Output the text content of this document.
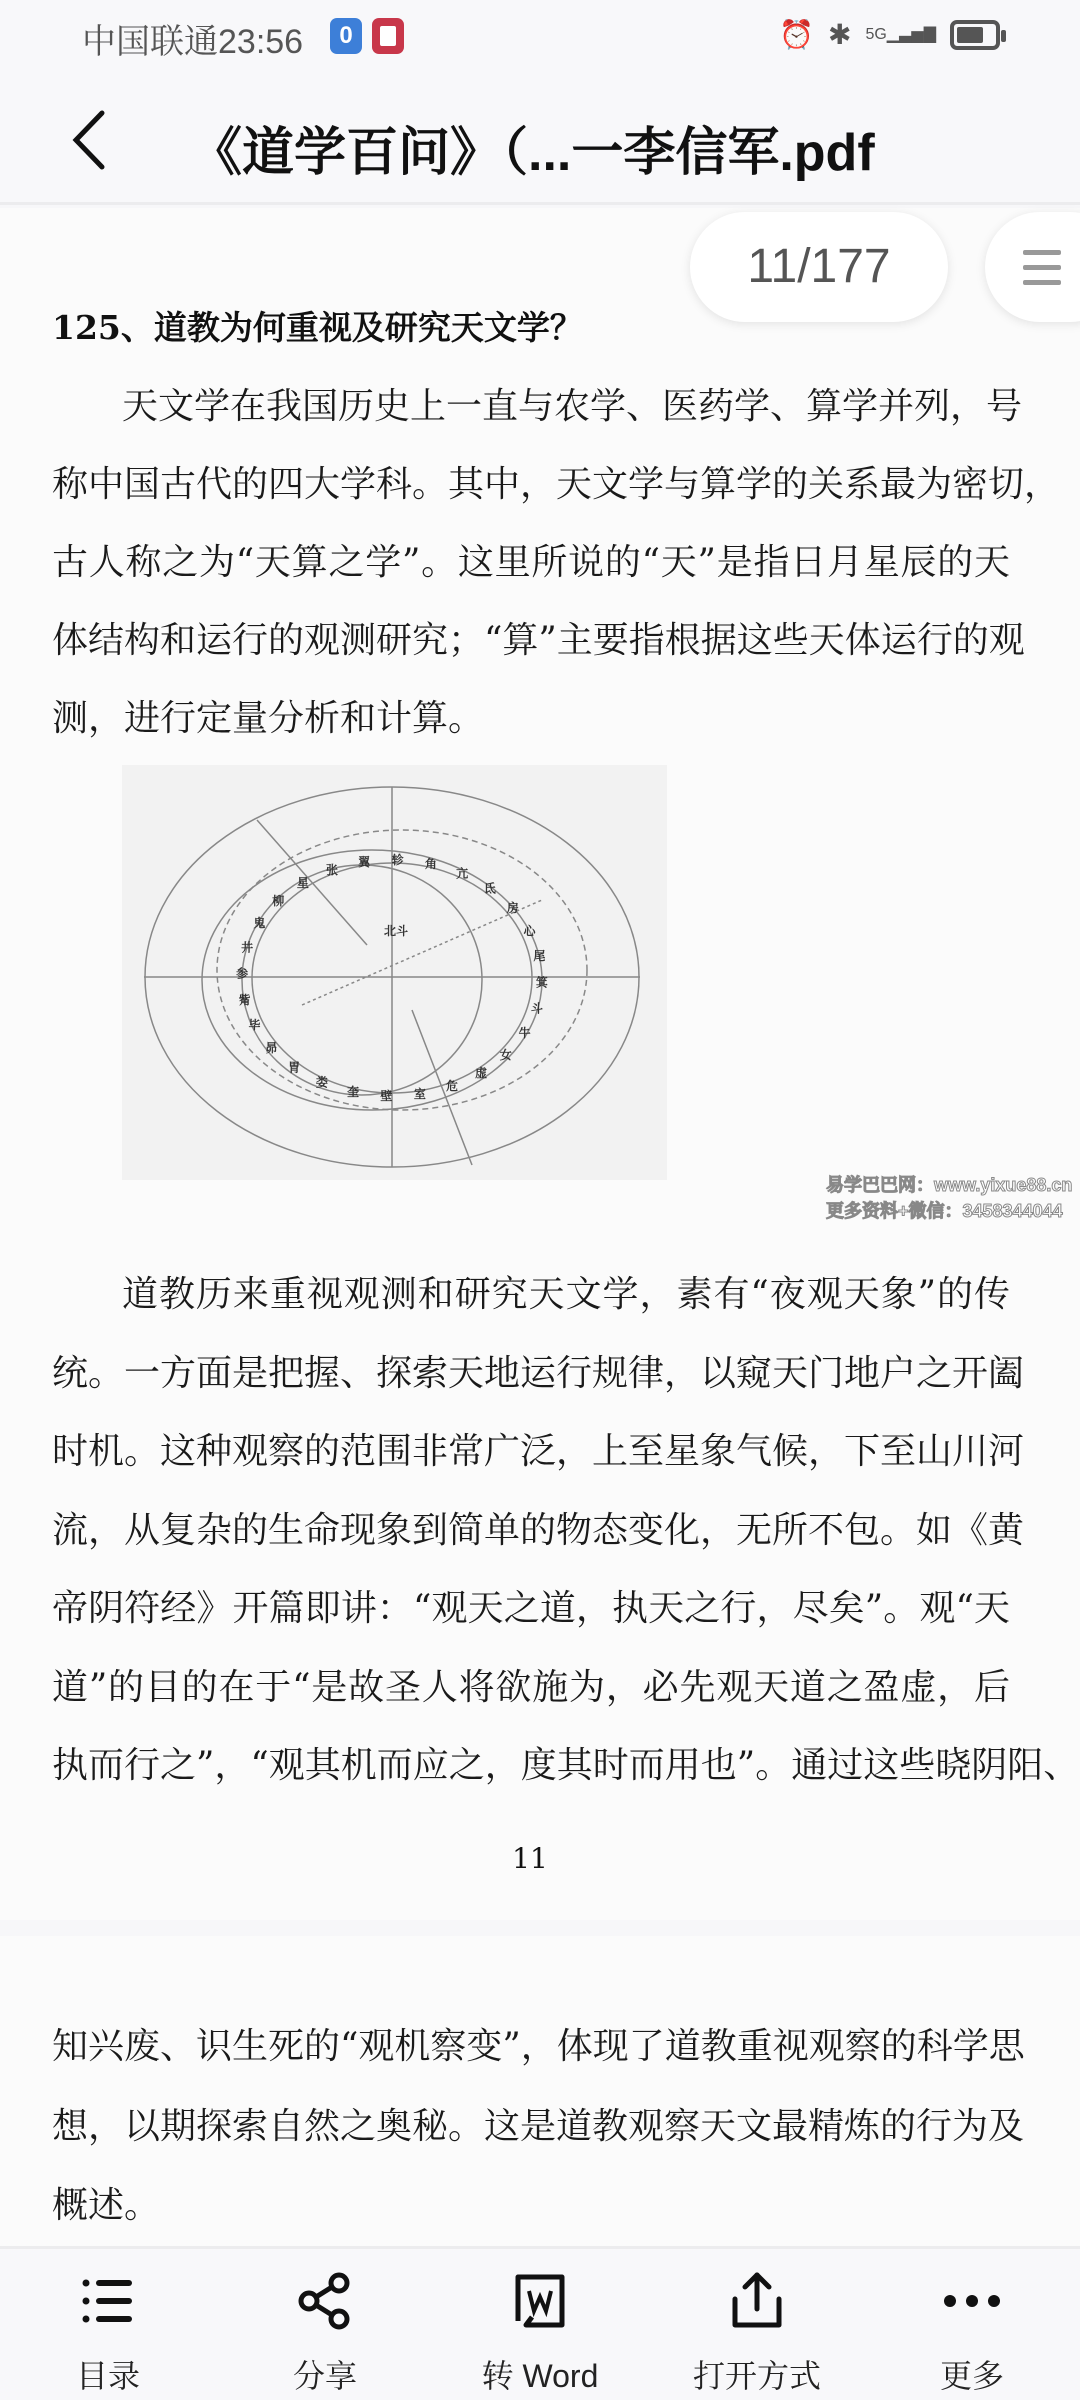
中国联通23:56	0	⏰ ✱ 5G▁▃▅▇
《道学百问》（...一李信军.pdf
11/177
125、道教为何重视及研究天文学？
天文学在我国历史上一直与农学、医药学、算学并列，号
称中国古代的四大学科。其中，天文学与算学的关系最为密切，
古人称之为“天算之学”。这里所说的“天”是指日月星辰的天
体结构和运行的观测研究；“算”主要指根据这些天体运行的观
测，进行定量分析和计算。
北斗
角
亢
氐
房
心
尾
箕
斗
牛
女
虚
危
室
壁
奎
娄
胃
昴
毕
觜
参
井
鬼
柳
星
张
翼 轸
易学巴巴网：www.yixue88.cn
更多资料+微信：3458344044
道教历来重视观测和研究天文学，素有“夜观天象”的传
统。一方面是把握、探索天地运行规律，以窥天门地户之开阖
时机。这种观察的范围非常广泛，上至星象气候，下至山川河
流，从复杂的生命现象到简单的物态变化，无所不包。如《黄
帝阴符经》开篇即讲：“观天之道，执天之行，尽矣”。观“天
道”的目的在于“是故圣人将欲施为，必先观天道之盈虚，后
执而行之”，“观其机而应之，度其时而用也”。通过这些晓阴阳、
11
知兴废、识生死的“观机察变”，体现了道教重视观察的科学思
想，以期探索自然之奥秘。这是道教观察天文最精炼的行为及
概述。
目录	分享	转 Word	打开方式	更多
